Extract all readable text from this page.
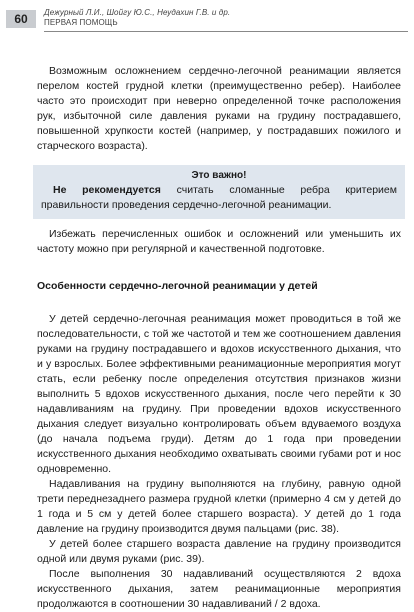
60	Дежурный Л.И., Шойгу Ю.С., Неудахин Г.В. и др.
ПЕРВАЯ ПОМОЩЬ

Возможным осложнением сердечно-легочной реанимации является перелом костей грудной клетки (преимущественно ребер). Наиболее часто это происходит при неверно определенной точке расположения рук, избыточной силе давления руками на грудину пострадавшего, повышенной хрупкости костей (например, у пострадавших пожилого и старческого возраста).

Это важно!
Не рекомендуется считать сломанные ребра критерием правильности проведения сердечно-легочной реанимации.

Избежать перечисленных ошибок и осложнений или уменьшить их частоту можно при регулярной и качественной подготовке.

Особенности сердечно-легочной реанимации у детей

У детей сердечно-легочная реанимация может проводиться в той же последовательности, с той же частотой и тем же соотношением давления руками на грудину пострадавшего и вдохов искусственного дыхания, что и у взрослых. Более эффективными реанимационные мероприятия могут стать, если ребенку после определения отсутствия признаков жизни выполнить 5 вдохов искусственного дыхания, после чего перейти к 30 надавливаниям на грудину. При проведении вдохов искусственного дыхания следует визуально контролировать объем вдуваемого воздуха (до начала подъема груди). Детям до 1 года при проведении искусственного дыхания необходимо охватывать своими губами рот и нос одновременно.

Надавливания на грудину выполняются на глубину, равную одной трети переднезаднего размера грудной клетки (примерно 4 см у детей до 1 года и 5 см у детей более старшего возраста). У детей до 1 года давление на грудину производится двумя пальцами (рис. 38).

У детей более старшего возраста давление на грудину производится одной или двумя руками (рис. 39).

После выполнения 30 надавливаний осуществляются 2 вдоха искусственного дыхания, затем реанимационные мероприятия продолжаются в соотношении 30 надавливаний / 2 вдоха.
